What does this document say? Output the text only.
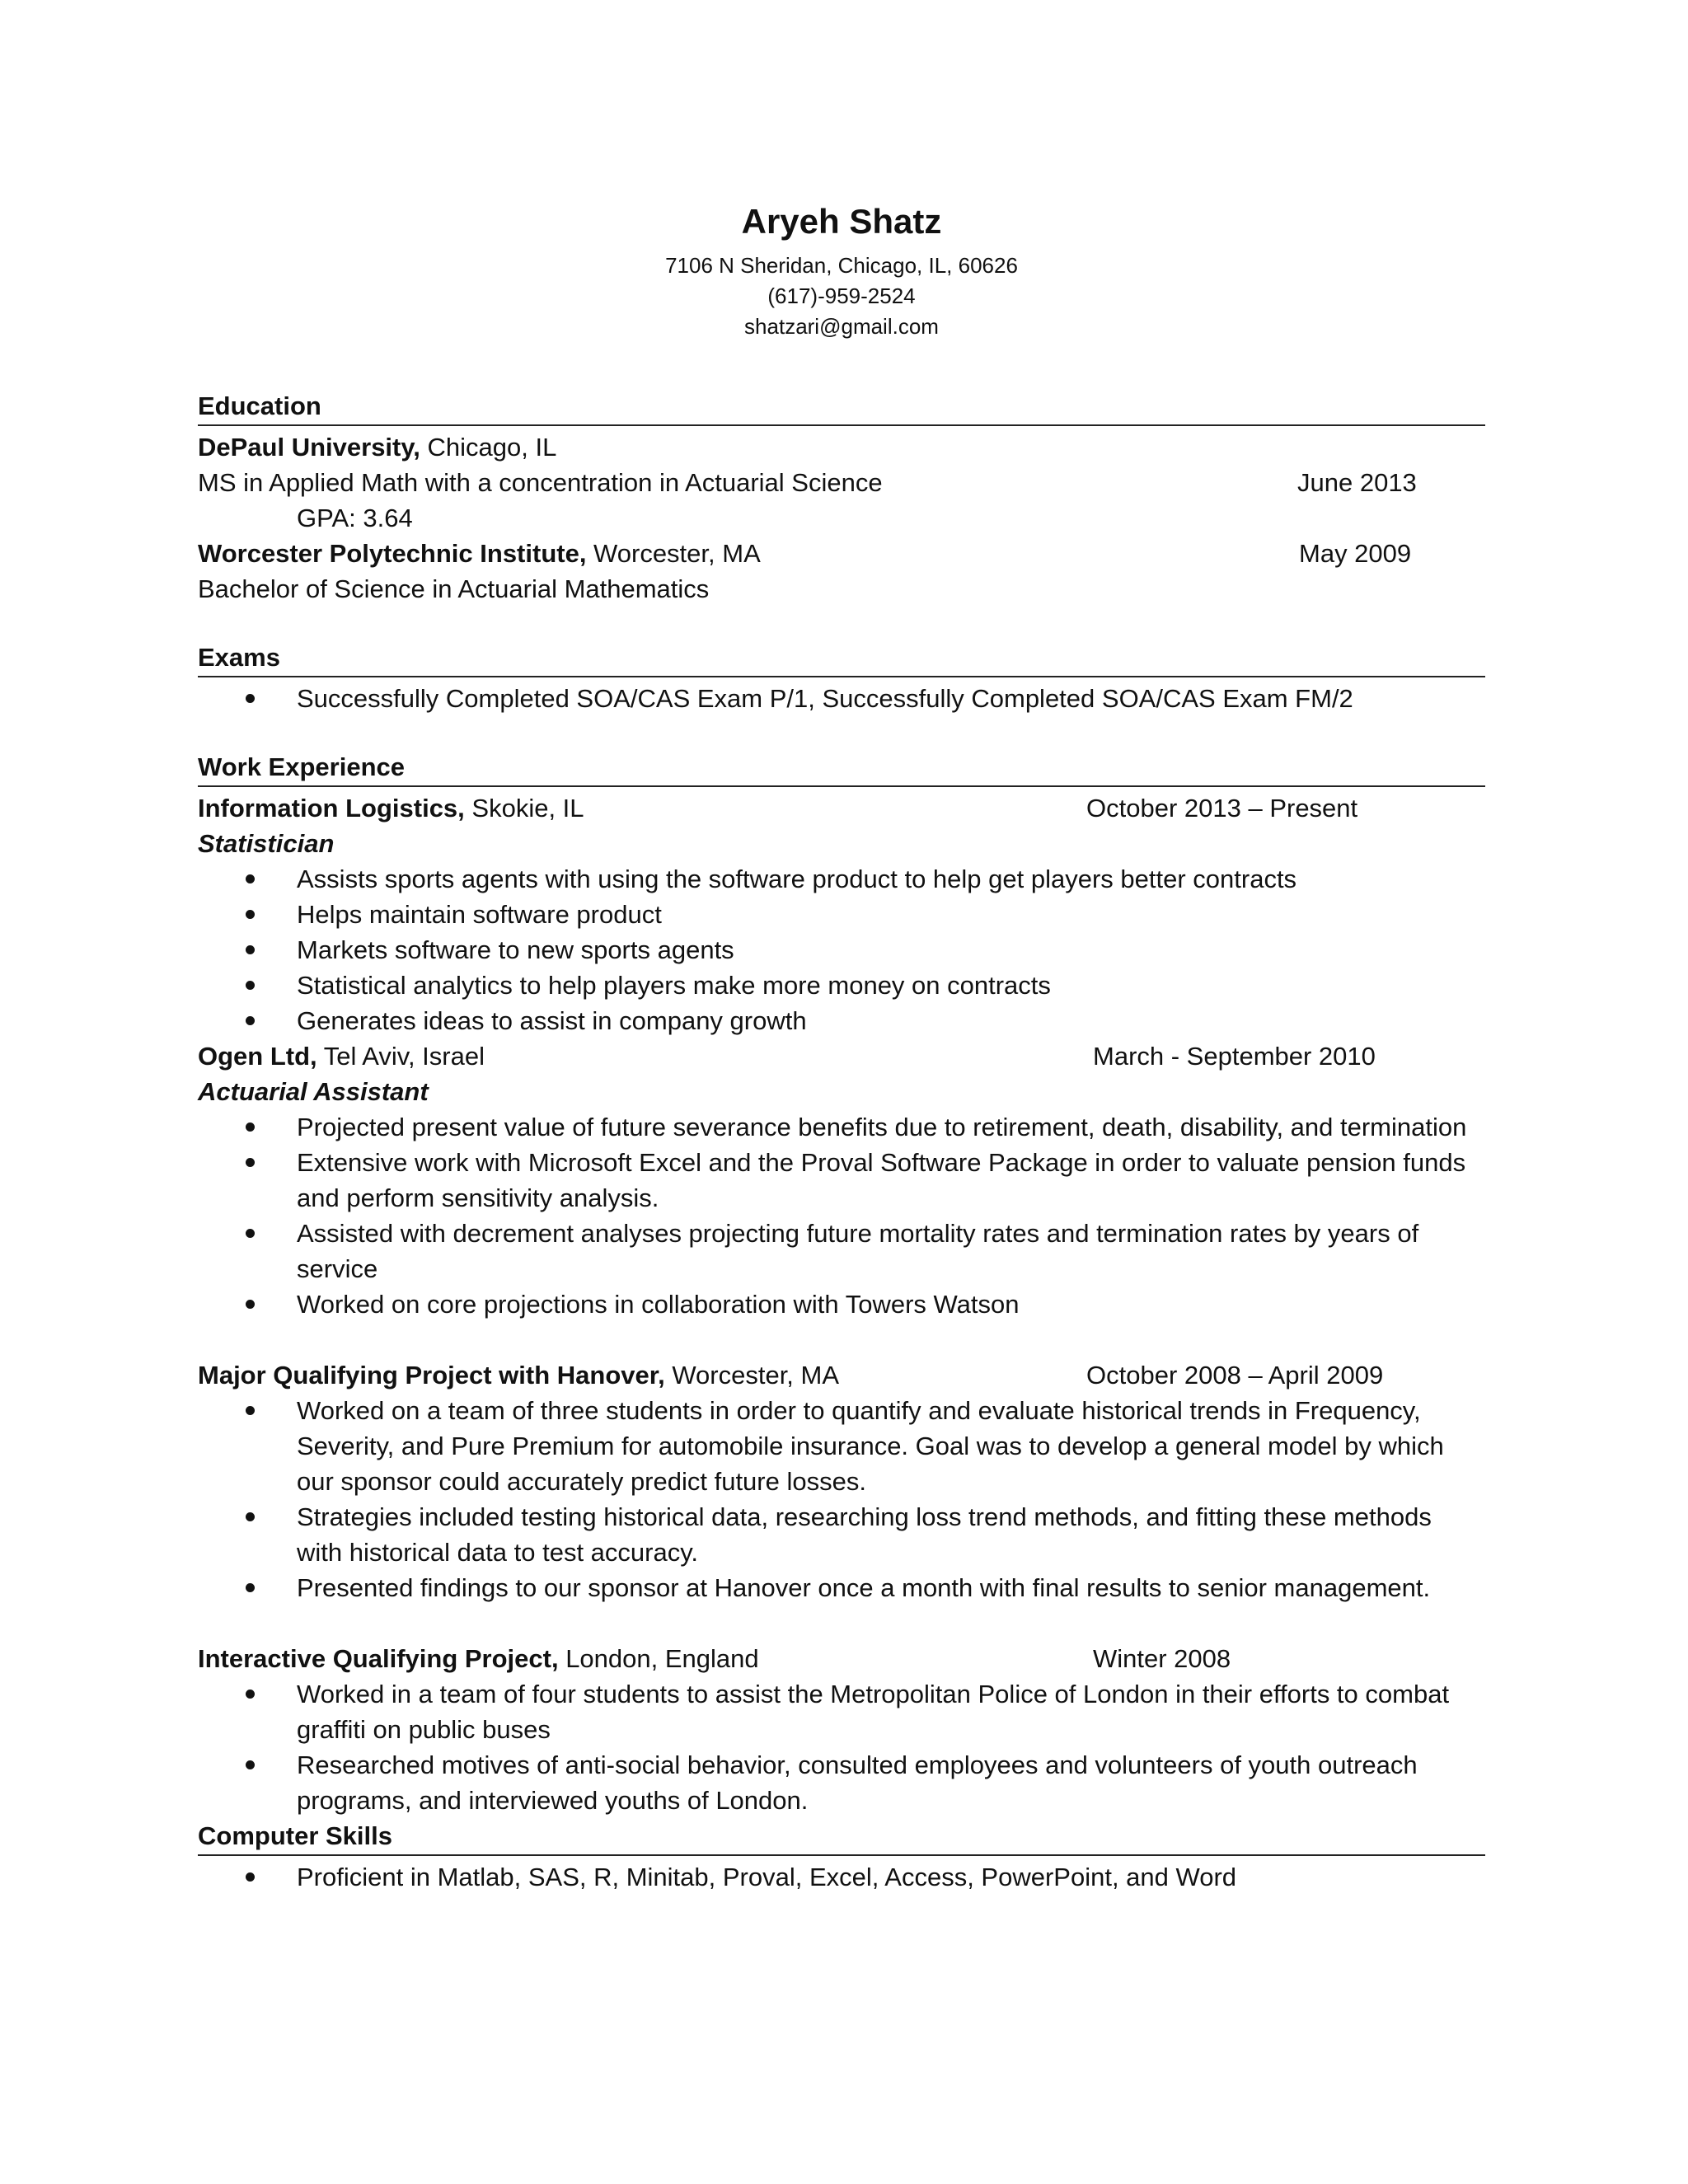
Aryeh Shatz
7106 N Sheridan, Chicago, IL, 60626
(617)-959-2524
shatzari@gmail.com
Education
DePaul University, Chicago, IL
MS in Applied Math with a concentration in Actuarial Science	June 2013
GPA: 3.64
Worcester Polytechnic Institute, Worcester, MA	May 2009
Bachelor of Science in Actuarial Mathematics
Exams
Successfully Completed SOA/CAS Exam P/1, Successfully Completed SOA/CAS Exam FM/2
Work Experience
Information Logistics, Skokie, IL	October 2013 – Present
Statistician
Assists sports agents with using the software product to help get players better contracts
Helps maintain software product
Markets software to new sports agents
Statistical analytics to help players make more money on contracts
Generates ideas to assist in company growth
Ogen Ltd, Tel Aviv, Israel	March - September 2010
Actuarial Assistant
Projected present value of future severance benefits due to retirement, death, disability, and termination
Extensive work with Microsoft Excel and the Proval Software Package in order to valuate pension funds and perform sensitivity analysis.
Assisted with decrement analyses projecting future mortality rates and termination rates by years of service
Worked on core projections in collaboration with Towers Watson
Major Qualifying Project with Hanover, Worcester, MA	October 2008 – April 2009
Worked on a team of three students in order to quantify and evaluate historical trends in Frequency, Severity, and Pure Premium for automobile insurance. Goal was to develop a general model by which our sponsor could accurately predict future losses.
Strategies included testing historical data, researching loss trend methods, and fitting these methods with historical data to test accuracy.
Presented findings to our sponsor at Hanover once a month with final results to senior management.
Interactive Qualifying Project, London, England	Winter 2008
Worked in a team of four students to assist the Metropolitan Police of London in their efforts to combat graffiti on public buses
Researched motives of anti-social behavior, consulted employees and volunteers of youth outreach programs, and interviewed youths of London.
Computer Skills
Proficient in Matlab, SAS, R, Minitab, Proval, Excel, Access, PowerPoint, and Word
